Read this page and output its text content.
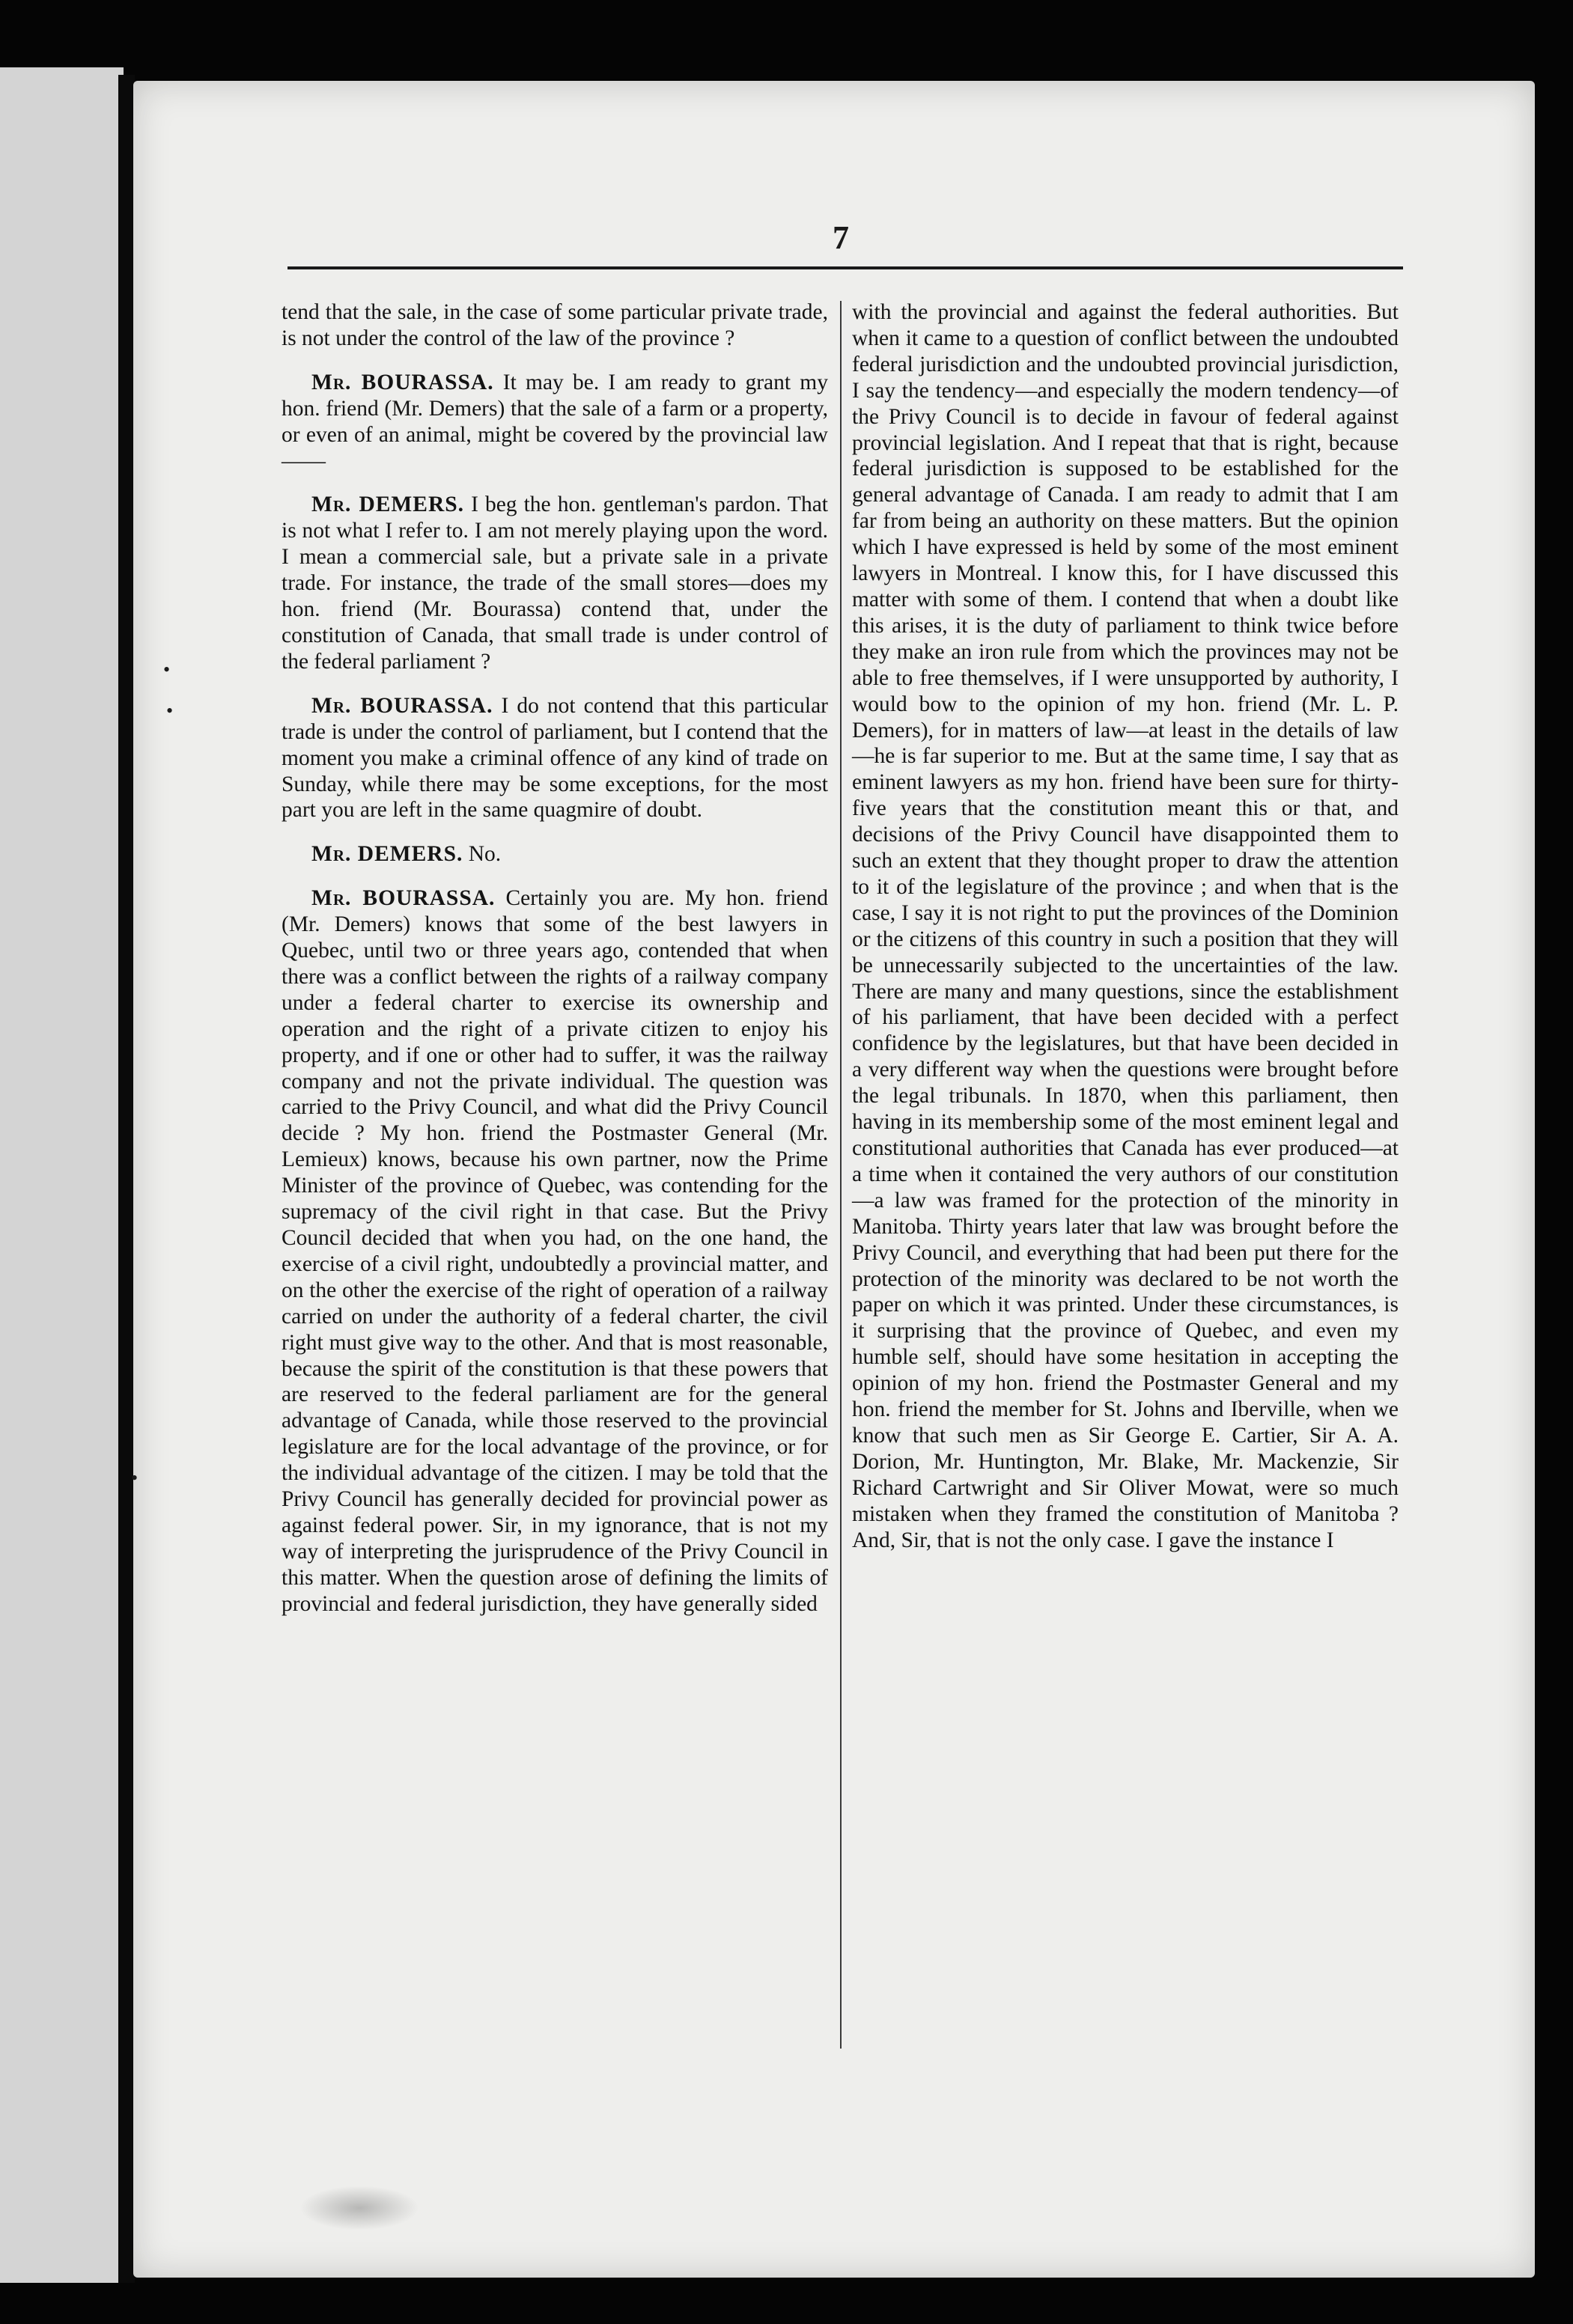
7

tend that the sale, in the case of some particular private trade, is not under the control of the law of the province ?

Mr. BOURASSA. It may be. I am ready to grant my hon. friend (Mr. Demers) that the sale of a farm or a property, or even of an animal, might be covered by the provincial law——

Mr. DEMERS. I beg the hon. gentleman's pardon. That is not what I refer to. I am not merely playing upon the word. I mean a commercial sale, but a private sale in a private trade. For instance, the trade of the small stores—does my hon. friend (Mr. Bourassa) contend that, under the constitution of Canada, that small trade is under control of the federal parliament ?

Mr. BOURASSA. I do not contend that this particular trade is under the control of parliament, but I contend that the moment you make a criminal offence of any kind of trade on Sunday, while there may be some exceptions, for the most part you are left in the same quagmire of doubt.

Mr. DEMERS. No.

Mr. BOURASSA. Certainly you are. My hon. friend (Mr. Demers) knows that some of the best lawyers in Quebec, until two or three years ago, contended that when there was a conflict between the rights of a railway company under a federal charter to exercise its ownership and operation and the right of a private citizen to enjoy his property, and if one or other had to suffer, it was the railway company and not the private individual. The question was carried to the Privy Council, and what did the Privy Council decide ? My hon. friend the Postmaster General (Mr. Lemieux) knows, because his own partner, now the Prime Minister of the province of Quebec, was contending for the supremacy of the civil right in that case. But the Privy Council decided that when you had, on the one hand, the exercise of a civil right, undoubtedly a provincial matter, and on the other the exercise of the right of operation of a railway carried on under the authority of a federal charter, the civil right must give way to the other. And that is most reasonable, because the spirit of the constitution is that these powers that are reserved to the federal parliament are for the general advantage of Canada, while those reserved to the provincial legislature are for the local advantage of the province, or for the individual advantage of the citizen. I may be told that the Privy Council has generally decided for provincial power as against federal power. Sir, in my ignorance, that is not my way of interpreting the jurisprudence of the Privy Council in this matter. When the question arose of defining the limits of provincial and federal jurisdiction, they have generally sided

with the provincial and against the federal authorities. But when it came to a question of conflict between the undoubted federal jurisdiction and the undoubted provincial jurisdiction, I say the tendency—and especially the modern tendency—of the Privy Council is to decide in favour of federal against provincial legislation. And I repeat that that is right, because federal jurisdiction is supposed to be established for the general advantage of Canada. I am ready to admit that I am far from being an authority on these matters. But the opinion which I have expressed is held by some of the most eminent lawyers in Montreal. I know this, for I have discussed this matter with some of them. I contend that when a doubt like this arises, it is the duty of parliament to think twice before they make an iron rule from which the provinces may not be able to free themselves, if I were unsupported by authority, I would bow to the opinion of my hon. friend (Mr. L. P. Demers), for in matters of law—at least in the details of law—he is far superior to me. But at the same time, I say that as eminent lawyers as my hon. friend have been sure for thirty-five years that the constitution meant this or that, and decisions of the Privy Council have disappointed them to such an extent that they thought proper to draw the attention to it of the legislature of the province ; and when that is the case, I say it is not right to put the provinces of the Dominion or the citizens of this country in such a position that they will be unnecessarily subjected to the uncertainties of the law. There are many and many questions, since the establishment of his parliament, that have been decided with a perfect confidence by the legislatures, but that have been decided in a very different way when the questions were brought before the legal tribunals. In 1870, when this parliament, then having in its membership some of the most eminent legal and constitutional authorities that Canada has ever produced—at a time when it contained the very authors of our constitution—a law was framed for the protection of the minority in Manitoba. Thirty years later that law was brought before the Privy Council, and everything that had been put there for the protection of the minority was declared to be not worth the paper on which it was printed. Under these circumstances, is it surprising that the province of Quebec, and even my humble self, should have some hesitation in accepting the opinion of my hon. friend the Postmaster General and my hon. friend the member for St. Johns and Iberville, when we know that such men as Sir George E. Cartier, Sir A. A. Dorion, Mr. Huntington, Mr. Blake, Mr. Mackenzie, Sir Richard Cartwright and Sir Oliver Mowat, were so much mistaken when they framed the constitution of Manitoba ? And, Sir, that is not the only case. I gave the instance I

•
•
•
